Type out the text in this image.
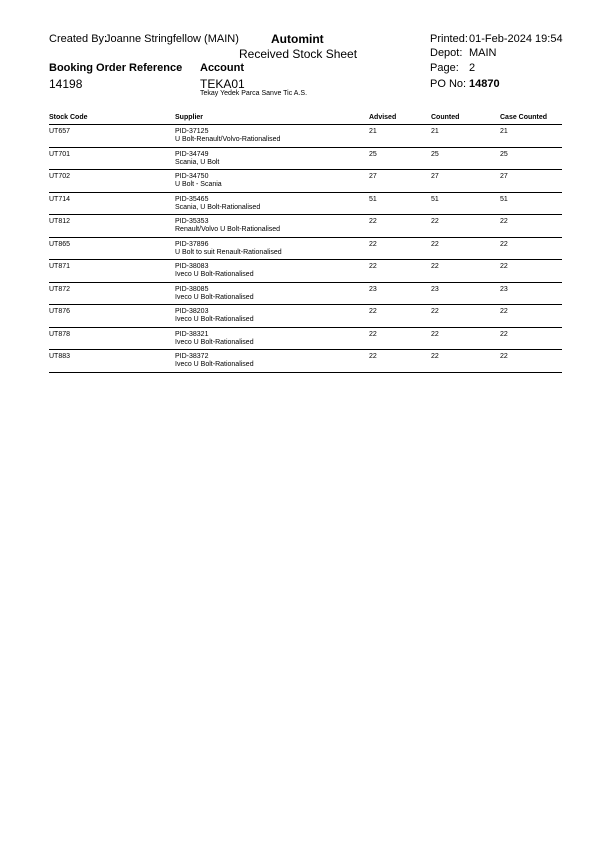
Created By:
Joanne Stringfellow (MAIN)	Automint
Received Stock Sheet
Printed: 01-Feb-2024 19:54
Depot: MAIN
Page: 2
Booking Order Reference
14198
Account
TEKA01
Tekay Yedek Parca Sanve Tic A.S.
PO No: 14870
Stock Code	Supplier	Advised	Counted	Case Counted
UT657	PID-37125
U Bolt-Renault/Volvo-Rationalised
21	21	21
UT701	PID-34749
Scania, U Bolt
25	25	25
UT702	PID-34750
U Bolt - Scania
27	27	27
UT714	PID-35465
Scania, U Bolt-Rationalised
51	51	51
UT812	PID-35353
Renault/Volvo U Bolt-Rationalised
22	22	22
UT865	PID-37896
U Bolt to suit Renault-Rationalised
22	22	22
UT871	PID-38083
Iveco U Bolt-Rationalised
22	22	22
UT872	PID-38085
Iveco U Bolt-Rationalised
23	23	23
UT876	PID-38203
Iveco U Bolt-Rationalised
22	22	22
UT878	PID-38321
Iveco U Bolt-Rationalised
22	22	22
UT883	PID-38372
Iveco U Bolt-Rationalised
22	22	22
